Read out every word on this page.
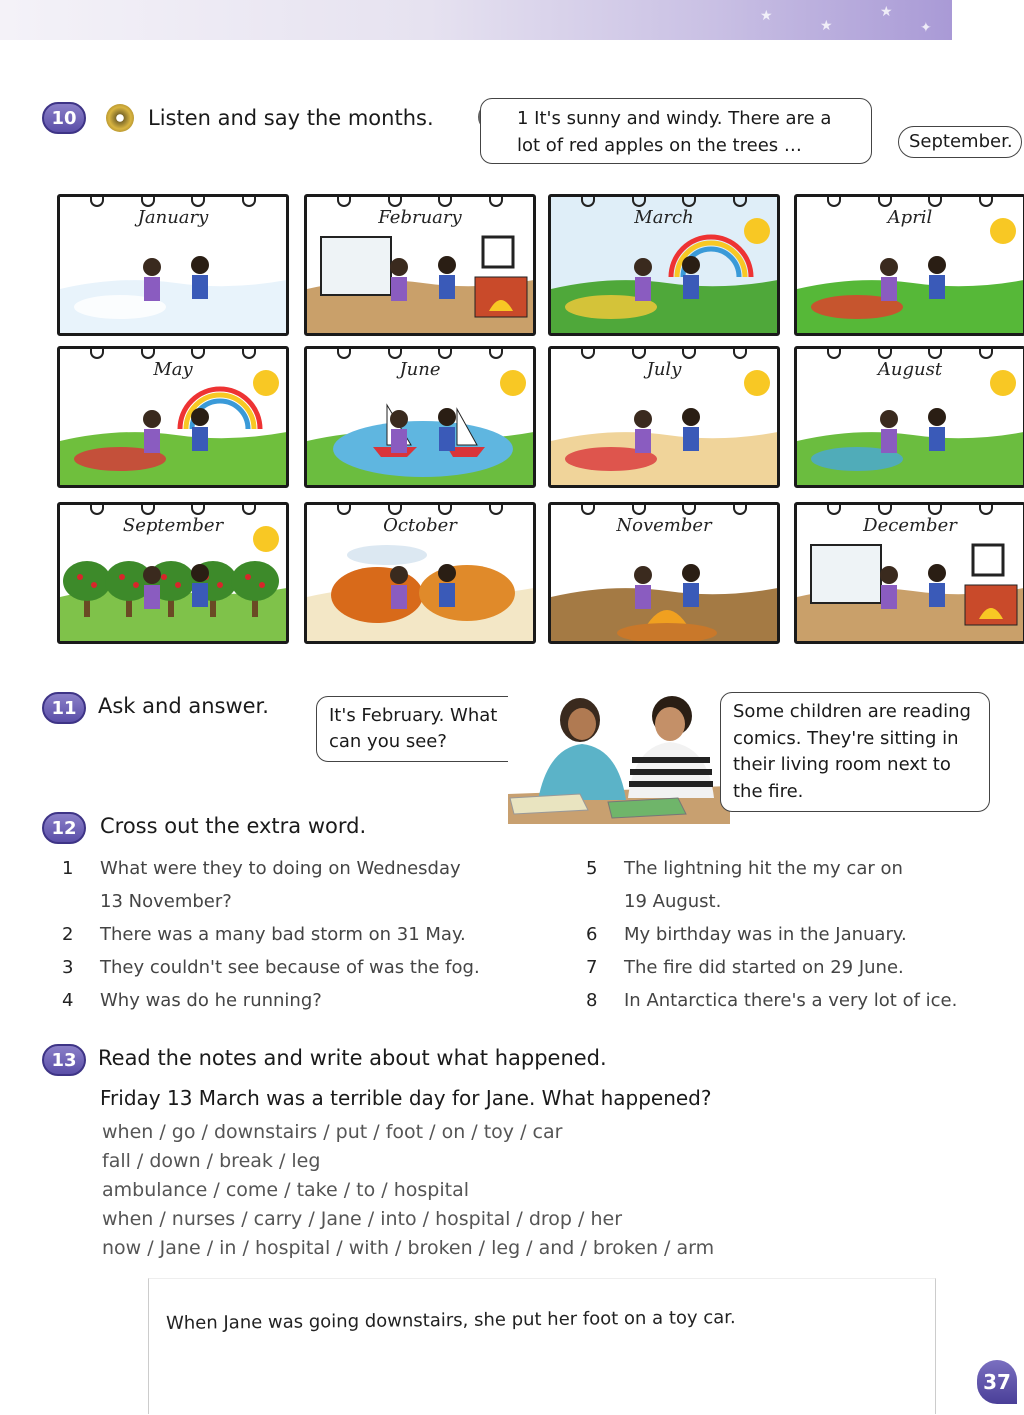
★
★
★
✦
10	Listen and say the months.	1 It's sunny and windy. There are a lot of red apples on the trees …	September.
January	February	March	April
May	June	July	August
September	October	November	December
11 Ask and answer.	It's February. What can you see?
Some children are reading comics. They're sitting in their living room next to the fire.
12 Cross out the extra word.
1 What were they to doing on Wednesday
13 November?
2 There was a many bad storm on 31 May.
3 They couldn't see because of was the fog.
4 Why was do he running?
5 The lightning hit the my car on
19 August.
6 My birthday was in the January.
7 The fire did started on 29 June.
8 In Antarctica there's a very lot of ice.
13 Read the notes and write about what happened.
Friday 13 March was a terrible day for Jane. What happened?
when / go / downstairs / put / foot / on / toy / car
fall / down / break / leg
ambulance / come / take / to / hospital
when / nurses / carry / Jane / into / hospital / drop / her
now / Jane / in / hospital / with / broken / leg / and / broken / arm
When Jane was going downstairs, she put her foot on a toy car.
37
